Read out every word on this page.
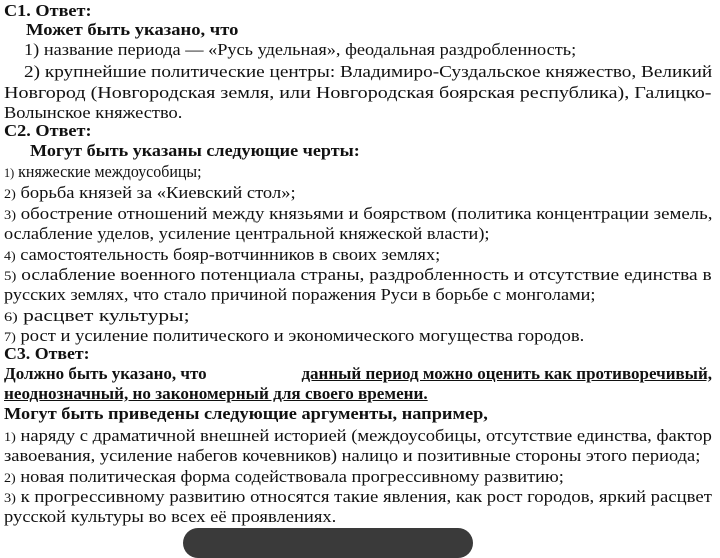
С1. Ответ:
Может быть указано, что
1) название периода — «Русь удельная», феодальная раздробленность;
2) крупнейшие политические центры: Владимиро-Суздальское княжество, Великий
Новгород (Новгородская земля, или Новгородская боярская республика), Галицко-
Волынское княжество.
С2. Ответ:
Могут быть указаны следующие черты:
1) княжеские междоусобицы;
2) борьба князей за «Киевский стол»;
3) обострение отношений между князьями и боярством (политика концентрации земель,
ослабление уделов, усиление центральной княжеской власти);
4) самостоятельность бояр-вотчинников в своих землях;
5) ослабление военного потенциала страны, раздробленность и отсутствие единства в
русских землях, что стало причиной поражения Руси в борьбе с монголами;
6) расцвет культуры;
7) рост и усиление политического и экономического могущества городов.
С3. Ответ:
Должно быть указано, что	данный период можно оценить как противоречивый,
неоднозначный, но закономерный для своего времени.
Могут быть приведены следующие аргументы, например,
1) наряду с драматичной внешней историей (междоусобицы, отсутствие единства, фактор
завоевания, усиление набегов кочевников) налицо и позитивные стороны этого периода;
2) новая политическая форма содействовала прогрессивному развитию;
3) к прогрессивному развитию относятся такие явления, как рост городов, яркий расцвет
русской культуры во всех её проявлениях.
